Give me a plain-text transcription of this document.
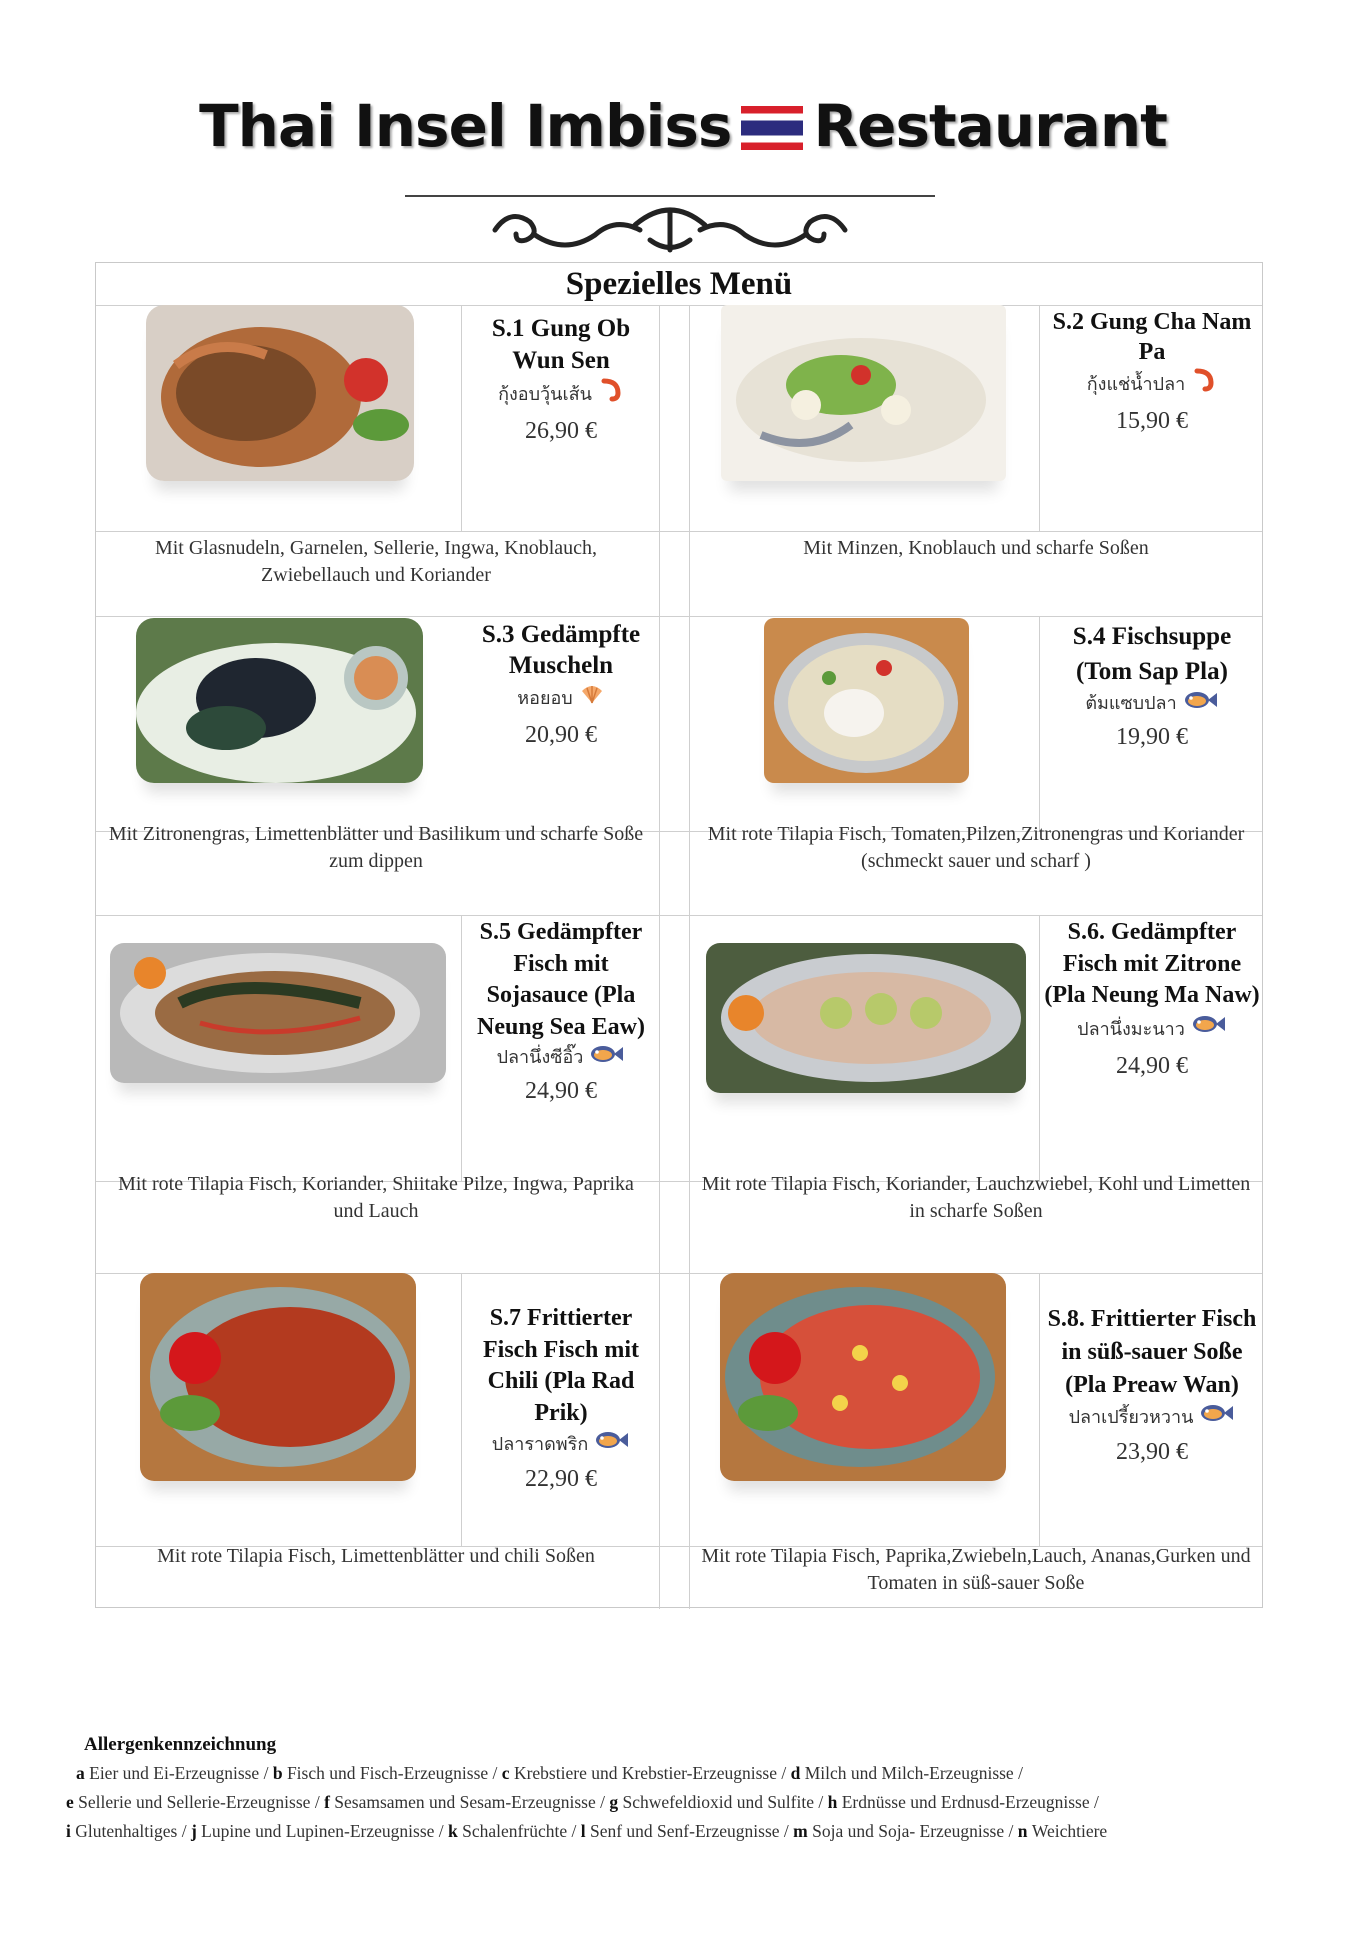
Thai Insel Imbiss Restaurant
Spezielles Menü
S.1 Gung Ob Wun Sen
กุ้งอบวุ้นเส้น
26,90 €
S.2 Gung Cha Nam Pa
กุ้งแช่น้ำปลา
15,90 €
Mit Glasnudeln, Garnelen, Sellerie, Ingwa, Knoblauch, Zwiebellauch und Koriander
Mit Minzen, Knoblauch und scharfe Soßen
S.3 Gedämpfte Muscheln
หอยอบ
20,90 €
S.4 Fischsuppe (Tom Sap Pla)
ต้มแซบปลา
19,90 €
Mit Zitronengras, Limettenblätter und Basilikum und scharfe Soße zum dippen
Mit rote Tilapia Fisch, Tomaten,Pilzen,Zitronengras und Koriander (schmeckt sauer und scharf )
S.5 Gedämpfter Fisch mit Sojasauce (Pla Neung Sea Eaw)
ปลานึ่งซีอิ๊ว
24,90 €
S.6. Gedämpfter Fisch mit Zitrone (Pla Neung Ma Naw)
ปลานึ่งมะนาว
24,90 €
Mit rote Tilapia Fisch, Koriander, Shiitake Pilze, Ingwa, Paprika und Lauch
Mit rote Tilapia Fisch, Koriander, Lauchzwiebel, Kohl und Limetten in scharfe Soßen
S.7 Frittierter Fisch Fisch mit Chili (Pla Rad Prik)
ปลาราดพริก
22,90 €
S.8. Frittierter Fisch in süß-sauer Soße (Pla Preaw Wan)
ปลาเปรี้ยวหวาน
23,90 €
Mit rote Tilapia Fisch, Limettenblätter und chili Soßen	Mit rote Tilapia Fisch, Paprika,Zwiebeln,Lauch, Ananas,Gurken und Tomaten in süß-sauer Soße
Allergenkennzeichnung
a Eier und Ei-Erzeugnisse / b Fisch und Fisch-Erzeugnisse / c Krebstiere und Krebstier-Erzeugnisse / d Milch und Milch-Erzeugnisse /
e Sellerie und Sellerie-Erzeugnisse / f Sesamsamen und Sesam-Erzeugnisse / g Schwefeldioxid und Sulfite / h Erdnüsse und Erdnusd-Erzeugnisse /
i Glutenhaltiges / j Lupine und Lupinen-Erzeugnisse / k Schalenfrüchte / l Senf und Senf-Erzeugnisse / m Soja und Soja- Erzeugnisse / n Weichtiere
